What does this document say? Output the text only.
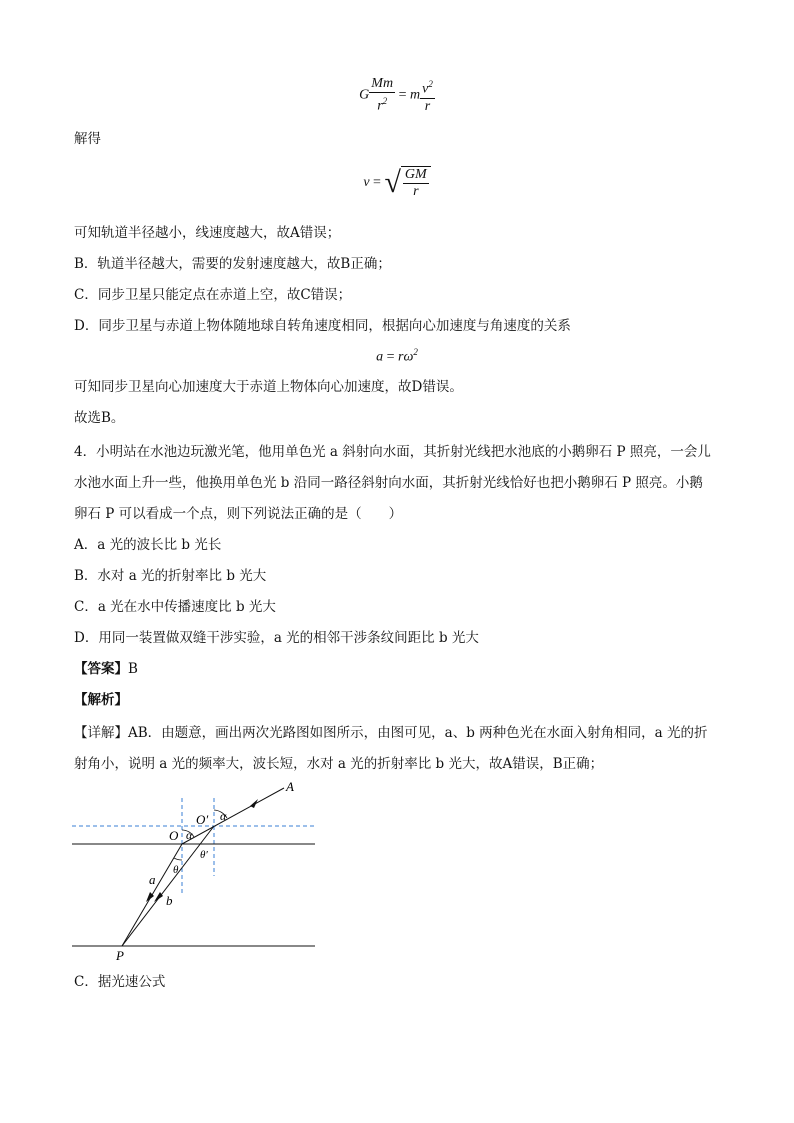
G $\frac{Mm}{r^2} = m \frac{v^2}{r}$
解得
v = √ $\frac{GM}{r}$
可知轨道半径越小，线速度越大，故A错误；
B．轨道半径越大，需要的发射速度越大，故B正确；
C．同步卫星只能定点在赤道上空，故C错误；
D．同步卫星与赤道上物体随地球自转角速度相同，根据向心加速度与角速度的关系
$a = r\omega^2$
可知同步卫星向心加速度大于赤道上物体向心加速度，故D错误。
故选B。
4．小明站在水池边玩激光笔，他用单色光 a 斜射向水面，其折射光线把水池底的小鹅卵石 P 照亮，一会儿
水池水面上升一些，他换用单色光 b 沿同一路径斜射向水面，其折射光线恰好也把小鹅卵石 P 照亮。小鹅
卵石 P 可以看成一个点，则下列说法正确的是（　　）
A．a 光的波长比 b 光长
B．水对 a 光的折射率比 b 光大
C．a 光在水中传播速度比 b 光大
D．用同一装置做双缝干涉实验，a 光的相邻干涉条纹间距比 b 光大
【答案】B
【解析】
【详解】AB．由题意，画出两次光路图如图所示，由图可见，a、b 两种色光在水面入射角相同，a 光的折
射角小，说明 a 光的频率大，波长短，水对 a 光的折射率比 b 光大，故A错误，B正确；
A
O′ α
O α
θ
θ′
a
b
P
C．据光速公式
